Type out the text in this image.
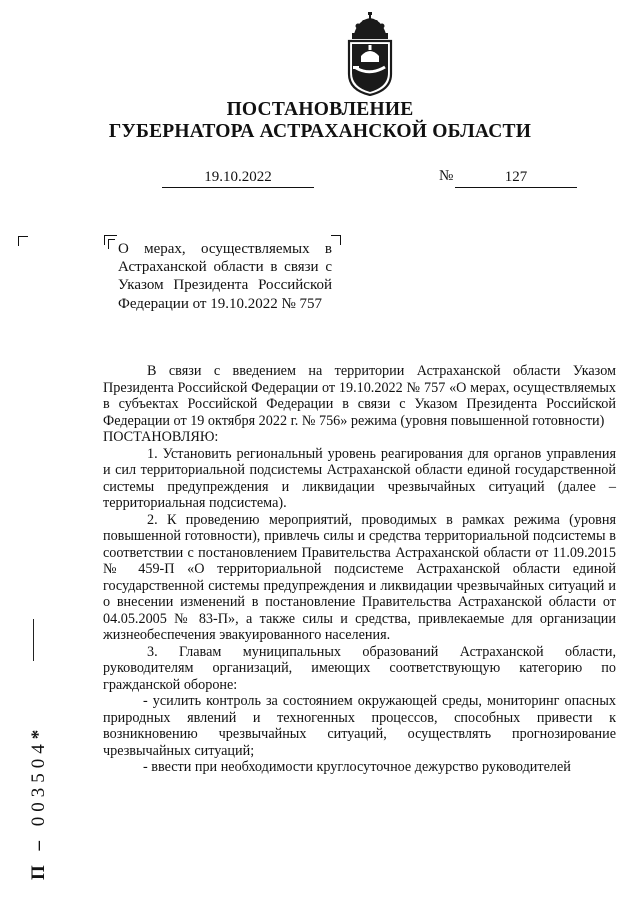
ПОСТАНОВЛЕНИЕ
ГУБЕРНАТОРА АСТРАХАНСКОЙ ОБЛАСТИ
19.10.2022	№	127
О мерах, осуществляемых в Астраханской области в связи с Указом Президента Российской Федерации от 19.10.2022 № 757

В связи с введением на территории Астраханской области Указом Президента Российской Федерации от 19.10.2022 № 757 «О мерах, осуществляемых в субъектах Российской Федерации в связи с Указом Президента Российской Федерации от 19 октября 2022 г. № 756» режима (уровня повышенной готовности)

ПОСТАНОВЛЯЮ:

1. Установить региональный уровень реагирования для органов управления и сил территориальной подсистемы Астраханской области единой государственной системы предупреждения и ликвидации чрезвычайных ситуаций (далее – территориальная подсистема).

2. К проведению мероприятий, проводимых в рамках режима (уровня повышенной готовности), привлечь силы и средства территориальной подсистемы в соответствии с постановлением Правительства Астраханской области от 11.09.2015 № 459-П «О территориальной подсистеме Астраханской области единой государственной системы предупреждения и ликвидации чрезвычайных ситуаций и о внесении изменений в постановление Правительства Астраханской области от 04.05.2005 № 83-П», а также силы и средства, привлекаемые для организации жизнеобеспечения эвакуированного населения.

3. Главам муниципальных образований Астраханской области, руководителям организаций, имеющих соответствующую категорию по гражданской обороне:

- усилить контроль за состоянием окружающей среды, мониторинг опасных природных явлений и техногенных процессов, способных привести к возникновению чрезвычайных ситуаций, осуществлять прогнозирование чрезвычайных ситуаций;

- ввести при необходимости круглосуточное дежурство руководителей

П – 003504*
